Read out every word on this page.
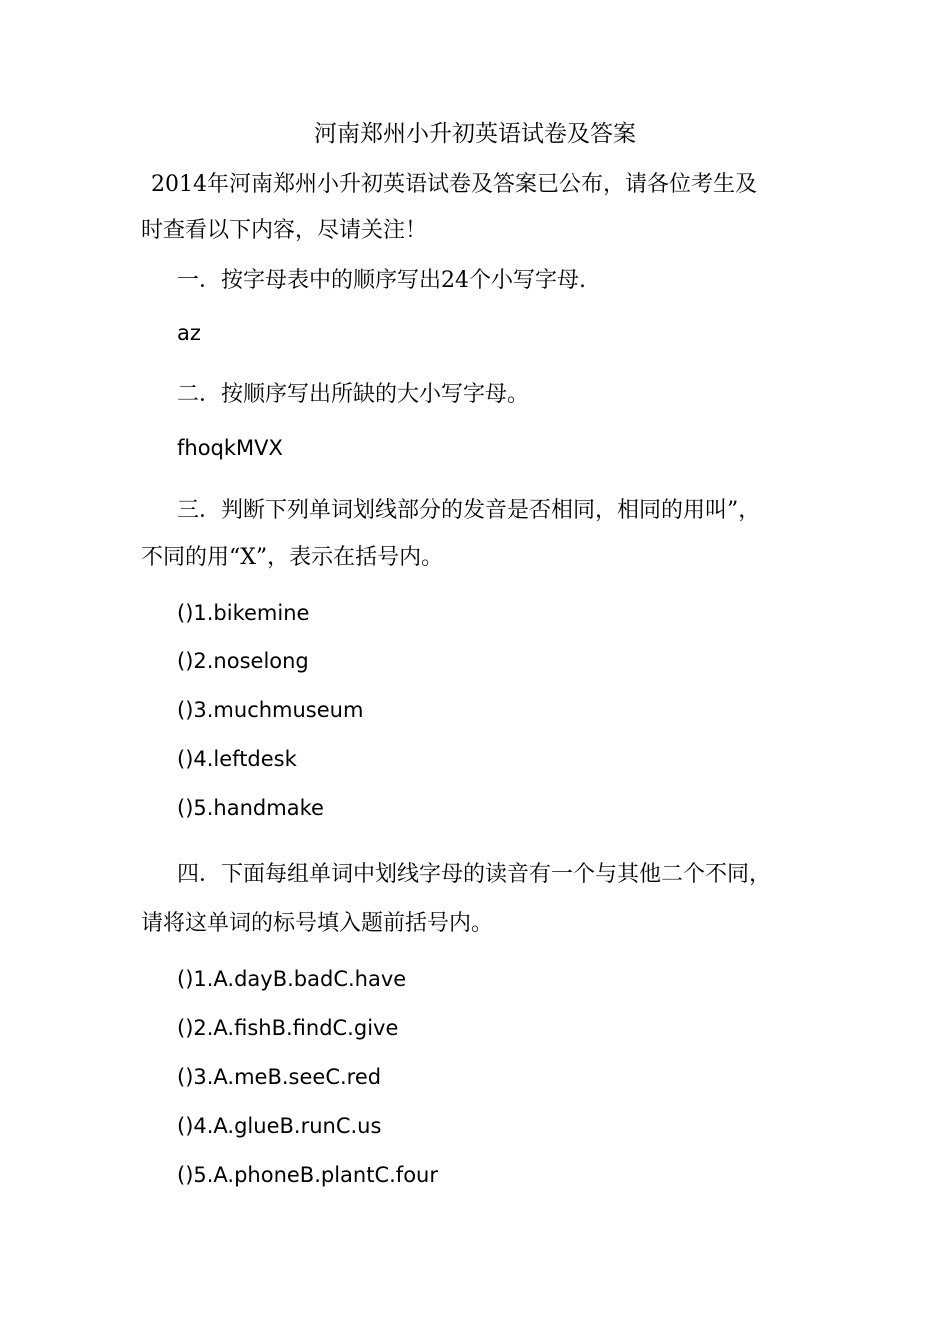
河南郑州小升初英语试卷及答案
2014年河南郑州小升初英语试卷及答案已公布，请各位考生及
时查看以下内容，尽请关注！
一．按字母表中的顺序写出24个小写字母.
az
二．按顺序写出所缺的大小写字母。
fhoqkMVX
三．判断下列单词划线部分的发音是否相同，相同的用叫”，
不同的用“X”，表示在括号内。
()1.bikemine
()2.noselong
()3.muchmuseum
()4.leftdesk
()5.handmake
四．下面每组单词中划线字母的读音有一个与其他二个不同，
请将这单词的标号填入题前括号内。
()1.A.dayB.badC.have
()2.A.fishB.findC.give
()3.A.meB.seeC.red
()4.A.glueB.runC.us
()5.A.phoneB.plantC.four
